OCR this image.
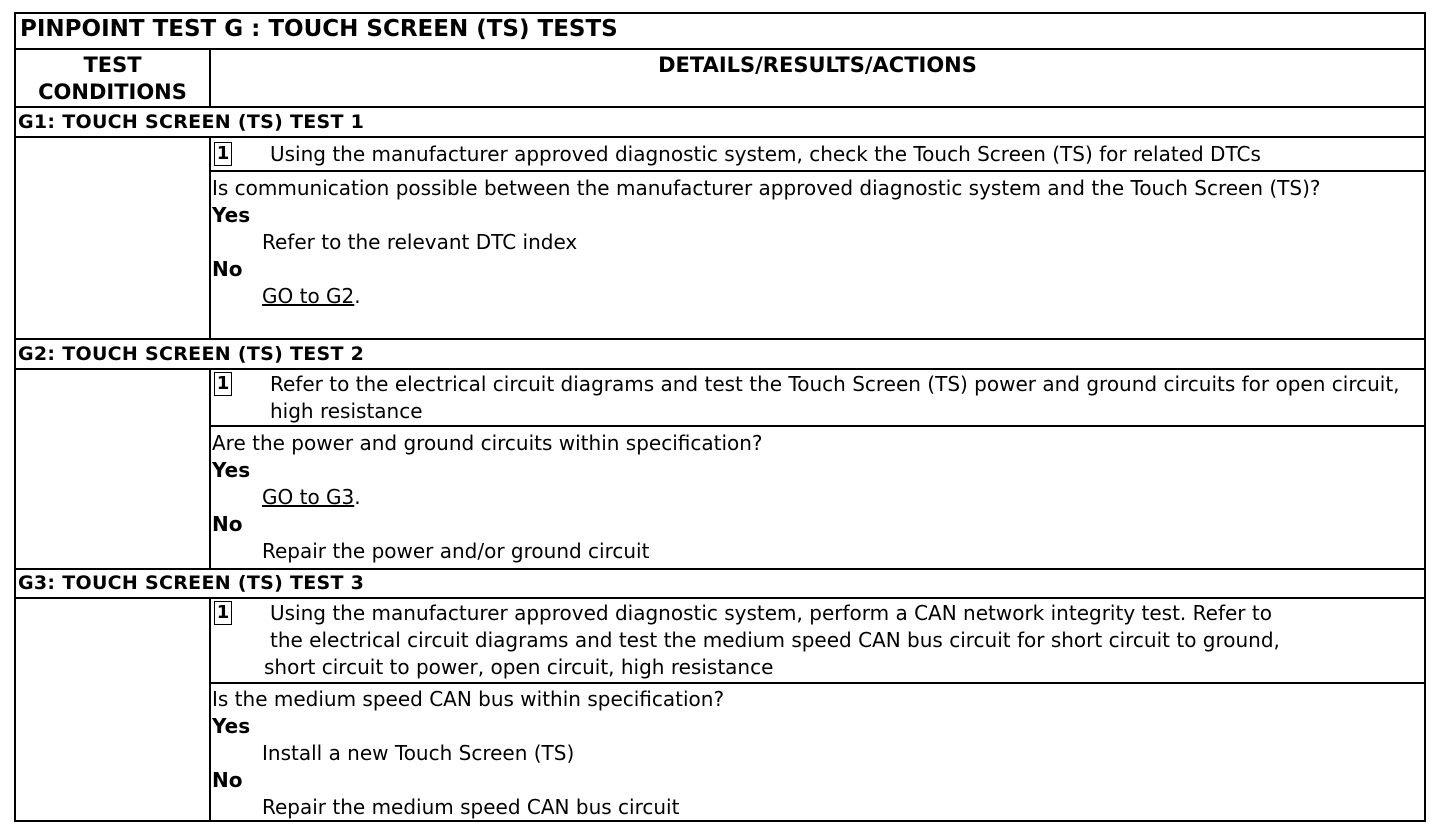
PINPOINT TEST G : TOUCH SCREEN (TS) TESTS
TEST CONDITIONS
DETAILS/RESULTS/ACTIONS
G1: TOUCH SCREEN (TS) TEST 1
1 Using the manufacturer approved diagnostic system, check the Touch Screen (TS) for related DTCs
Is communication possible between the manufacturer approved diagnostic system and the Touch Screen (TS)?
Yes
Refer to the relevant DTC index
No
GO to G2.
G2: TOUCH SCREEN (TS) TEST 2
1 Refer to the electrical circuit diagrams and test the Touch Screen (TS) power and ground circuits for open circuit, high resistance
Are the power and ground circuits within specification?
Yes
GO to G3.
No
Repair the power and/or ground circuit
G3: TOUCH SCREEN (TS) TEST 3
1 Using the manufacturer approved diagnostic system, perform a CAN network integrity test. Refer to
the electrical circuit diagrams and test the medium speed CAN bus circuit for short circuit to ground,
short circuit to power, open circuit, high resistance
Is the medium speed CAN bus within specification?
Yes
Install a new Touch Screen (TS)
No
Repair the medium speed CAN bus circuit
